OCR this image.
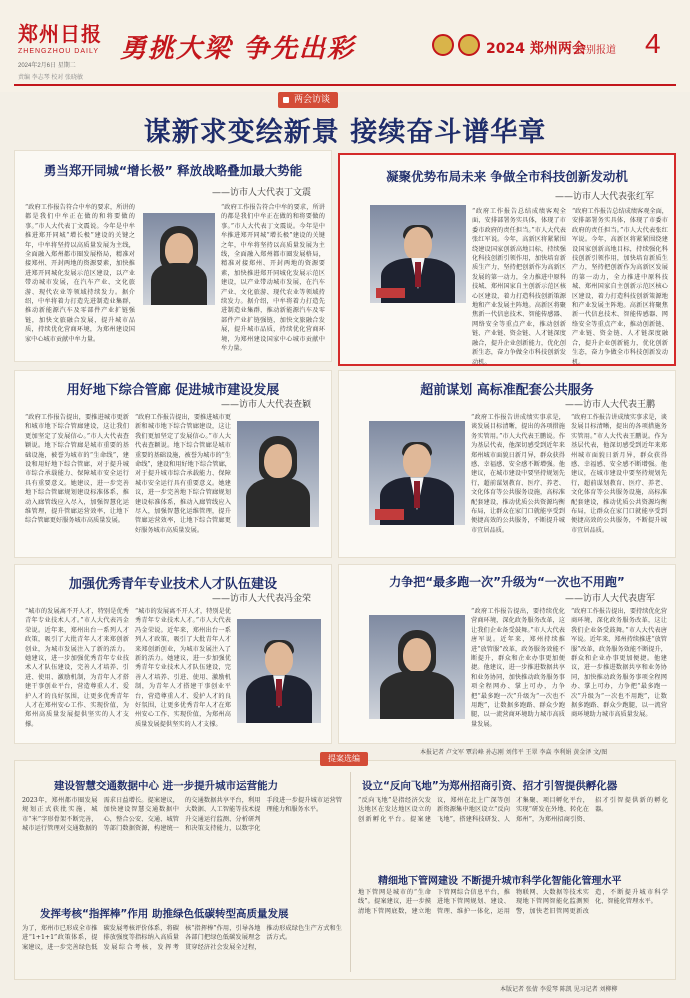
郑州日报
ZHENGZHOU DAILY
2024年2月6日 星期二
责编 李志琴 校对 张晓敏
勇挑大梁 争先出彩	2024 郑州两会
特别报道 4
两会访谈
谋新求变绘新景 接续奋斗谱华章
勇当郑开同城“增长极” 释放战略叠加最大势能
——访市人大代表丁文震
“政府工作报告符合中牟的要求，所讲的都是我们中牟正在做的和将要做的事。”市人大代表丁文震说。今年是中牟推进郑开同城“增长极”建设的关键之年，中牟将坚持以高质量发展为主线，全面融入郑州都市圈发展格局，精准对接郑州、开封两地的资源要素，加快推进郑开同城化发展示范区建设，以产业带动城市发展，在汽车产业、文化旅游、现代农业等领域持续发力。据介绍，中牟将着力打造先进制造业集群，推动新能源汽车及零部件产业扩链强链，加快文旅融合发展，提升城市品质，持续优化营商环境，为郑州建设国家中心城市贡献中牟力量。
“政府工作报告符合中牟的要求，所讲的都是我们中牟正在做的和将要做的事。”市人大代表丁文震说。今年是中牟推进郑开同城“增长极”建设的关键之年，中牟将坚持以高质量发展为主线，全面融入郑州都市圈发展格局，精准对接郑州、开封两地的资源要素，加快推进郑开同城化发展示范区建设，以产业带动城市发展，在汽车产业、文化旅游、现代农业等领域持续发力。据介绍，中牟将着力打造先进制造业集群，推动新能源汽车及零部件产业扩链强链，加快文旅融合发展，提升城市品质，持续优化营商环境，为郑州建设国家中心城市贡献中牟力量。
凝聚优势布局未来 争做全市科技创新发动机
——访市人大代表张红军
“政府工作报告总结成绩客观全面，安排部署务实具体，体现了市委市政府的责任担当。”市人大代表张红军说。今年，高新区将紧紧围绕建设国家创新高地目标，持续强化科技创新引领作用，加快培育新质生产力，坚持把创新作为高新区发展的第一动力，全力推进中原科技城、郑州国家自主创新示范区核心区建设，着力打造科技创新策源地和产业发展主阵地。高新区将聚焦新一代信息技术、智能传感器、网络安全等重点产业，推动创新链、产业链、资金链、人才链深度融合，提升企业创新能力，优化创新生态，奋力争做全市科技创新发动机。
“政府工作报告总结成绩客观全面，安排部署务实具体，体现了市委市政府的责任担当。”市人大代表张红军说。今年，高新区将紧紧围绕建设国家创新高地目标，持续强化科技创新引领作用，加快培育新质生产力，坚持把创新作为高新区发展的第一动力，全力推进中原科技城、郑州国家自主创新示范区核心区建设，着力打造科技创新策源地和产业发展主阵地。高新区将聚焦新一代信息技术、智能传感器、网络安全等重点产业，推动创新链、产业链、资金链、人才链深度融合，提升企业创新能力，优化创新生态，奋力争做全市科技创新发动机。
用好地下综合管廊 促进城市建设发展
——访市人大代表查颖
“政府工作报告提出，要推进城市更新和城市地下综合管廊建设，这让我们更加坚定了发展信心。”市人大代表查颖说。地下综合管廊是城市重要的基础设施，被誉为城市的“生命线”，建设和用好地下综合管廊，对于提升城市综合承载能力、保障城市安全运行具有重要意义。她建议，进一步完善地下综合管廊规划建设标准体系，推动入廊管线应入尽入，加强智慧化运维管理，提升管廊运营效率，让地下综合管廊更好服务城市高质量发展。
“政府工作报告提出，要推进城市更新和城市地下综合管廊建设，这让我们更加坚定了发展信心。”市人大代表查颖说。地下综合管廊是城市重要的基础设施，被誉为城市的“生命线”，建设和用好地下综合管廊，对于提升城市综合承载能力、保障城市安全运行具有重要意义。她建议，进一步完善地下综合管廊规划建设标准体系，推动入廊管线应入尽入，加强智慧化运维管理，提升管廊运营效率，让地下综合管廊更好服务城市高质量发展。
超前谋划 高标准配套公共服务
——访市人大代表王鹏
“政府工作报告讲成绩实事求是，谈发展目标清晰，提出的各项措施务实管用。”市人大代表王鹏说。作为基层代表，他深切感受到近年来郑州城市面貌日新月异，群众获得感、幸福感、安全感不断增强。他建议，在城市建设中要坚持规划先行，超前谋划教育、医疗、养老、文化体育等公共服务设施，高标准配套建设，推动优质公共资源均衡布局，让群众在家门口就能享受到便捷高效的公共服务，不断提升城市宜居品质。
“政府工作报告讲成绩实事求是，谈发展目标清晰，提出的各项措施务实管用。”市人大代表王鹏说。作为基层代表，他深切感受到近年来郑州城市面貌日新月异，群众获得感、幸福感、安全感不断增强。他建议，在城市建设中要坚持规划先行，超前谋划教育、医疗、养老、文化体育等公共服务设施，高标准配套建设，推动优质公共资源均衡布局，让群众在家门口就能享受到便捷高效的公共服务，不断提升城市宜居品质。
加强优秀青年专业技术人才队伍建设
——访市人大代表冯金荣
“城市的发展离不开人才，特别是优秀青年专业技术人才。”市人大代表冯金荣说。近年来，郑州出台一系列人才政策，吸引了大批青年人才来郑创新创业，为城市发展注入了新的活力。她建议，进一步加强优秀青年专业技术人才队伍建设，完善人才培养、引进、使用、激励机制，为青年人才搭建干事创业平台，营造尊重人才、爱护人才的良好氛围，让更多优秀青年人才在郑州安心工作、实现价值，为郑州高质量发展提供坚实的人才支撑。
“城市的发展离不开人才，特别是优秀青年专业技术人才。”市人大代表冯金荣说。近年来，郑州出台一系列人才政策，吸引了大批青年人才来郑创新创业，为城市发展注入了新的活力。她建议，进一步加强优秀青年专业技术人才队伍建设，完善人才培养、引进、使用、激励机制，为青年人才搭建干事创业平台，营造尊重人才、爱护人才的良好氛围，让更多优秀青年人才在郑州安心工作、实现价值，为郑州高质量发展提供坚实的人才支撑。
力争把“最多跑一次”升级为“一次也不用跑”
——访市人大代表唐军
“政府工作报告提出，要持续优化营商环境，深化政务服务改革，这让我们企业备受鼓舞。”市人大代表唐军说。近年来，郑州持续推进“放管服”改革，政务服务效能不断提升，群众和企业办事更加便捷。他建议，进一步推进数据共享和业务协同，加快推动政务服务事项全程网办、掌上可办，力争把“最多跑一次”升级为“一次也不用跑”，让数据多跑路、群众少跑腿，以一流营商环境助力城市高质量发展。
“政府工作报告提出，要持续优化营商环境，深化政务服务改革，这让我们企业备受鼓舞。”市人大代表唐军说。近年来，郑州持续推进“放管服”改革，政务服务效能不断提升，群众和企业办事更加便捷。他建议，进一步推进数据共享和业务协同，加快推动政务服务事项全程网办、掌上可办，力争把“最多跑一次”升级为“一次也不用跑”，让数据多跑路、群众少跑腿，以一流营商环境助力城市高质量发展。
本报记者 卢文军 覃岩峰 孙志刚 刘伟平 王翠 李焱 李利娟 黄金泽 文/图
提案选编
建设智慧交通数据中心 进一步提升城市运营能力
2023年，郑州都市圈发展规划正式获批实施，城市“米”字形骨架不断完善，城市运行管理对交通数据的需求日益增长。提案建议，加快建设智慧交通数据中心，整合公安、交通、城管等部门数据资源，构建统一的交通数据共享平台，利用大数据、人工智能等技术提升交通运行监测、分析研判和决策支持能力，以数字化手段进一步提升城市运营管理能力和服务水平。
发挥考核“指挥棒”作用 助推绿色低碳转型高质量发展
为了，郑州市已形成全市推进“1+1+1”政策体系，提案建议，进一步完善绿色低碳发展考核评价体系，将碳排放强度等指标纳入高质量发展综合考核，发挥考核“指挥棒”作用，引导各地各部门把绿色低碳发展理念贯穿经济社会发展全过程，推动形成绿色生产方式和生活方式。
设立“反向飞地”为郑州招商引资、招才引智提供孵化器
“反向飞地”是指经济欠发达地区在发达地区设立的创新孵化平台。提案建议，郑州在北上广深等创新资源集中地区设立“反向飞地”，搭建科技研发、人才集聚、项目孵化平台，实现“研发在外地、转化在郑州”，为郑州招商引资、招才引智提供新的孵化器。
精细地下管网建设 不断提升城市科学化智能化管理水平
地下管网是城市的“生命线”。提案建议，进一步摸清地下管网底数，建立地下管网综合信息平台，推进地下管网规划、建设、管理、维护一体化，运用物联网、大数据等技术实现地下管网智能化监测预警，加快老旧管网更新改造，不断提升城市科学化、智能化管理水平。
本版记者 张倩 李爱琴 陈凯 见习记者 刘柳柳
